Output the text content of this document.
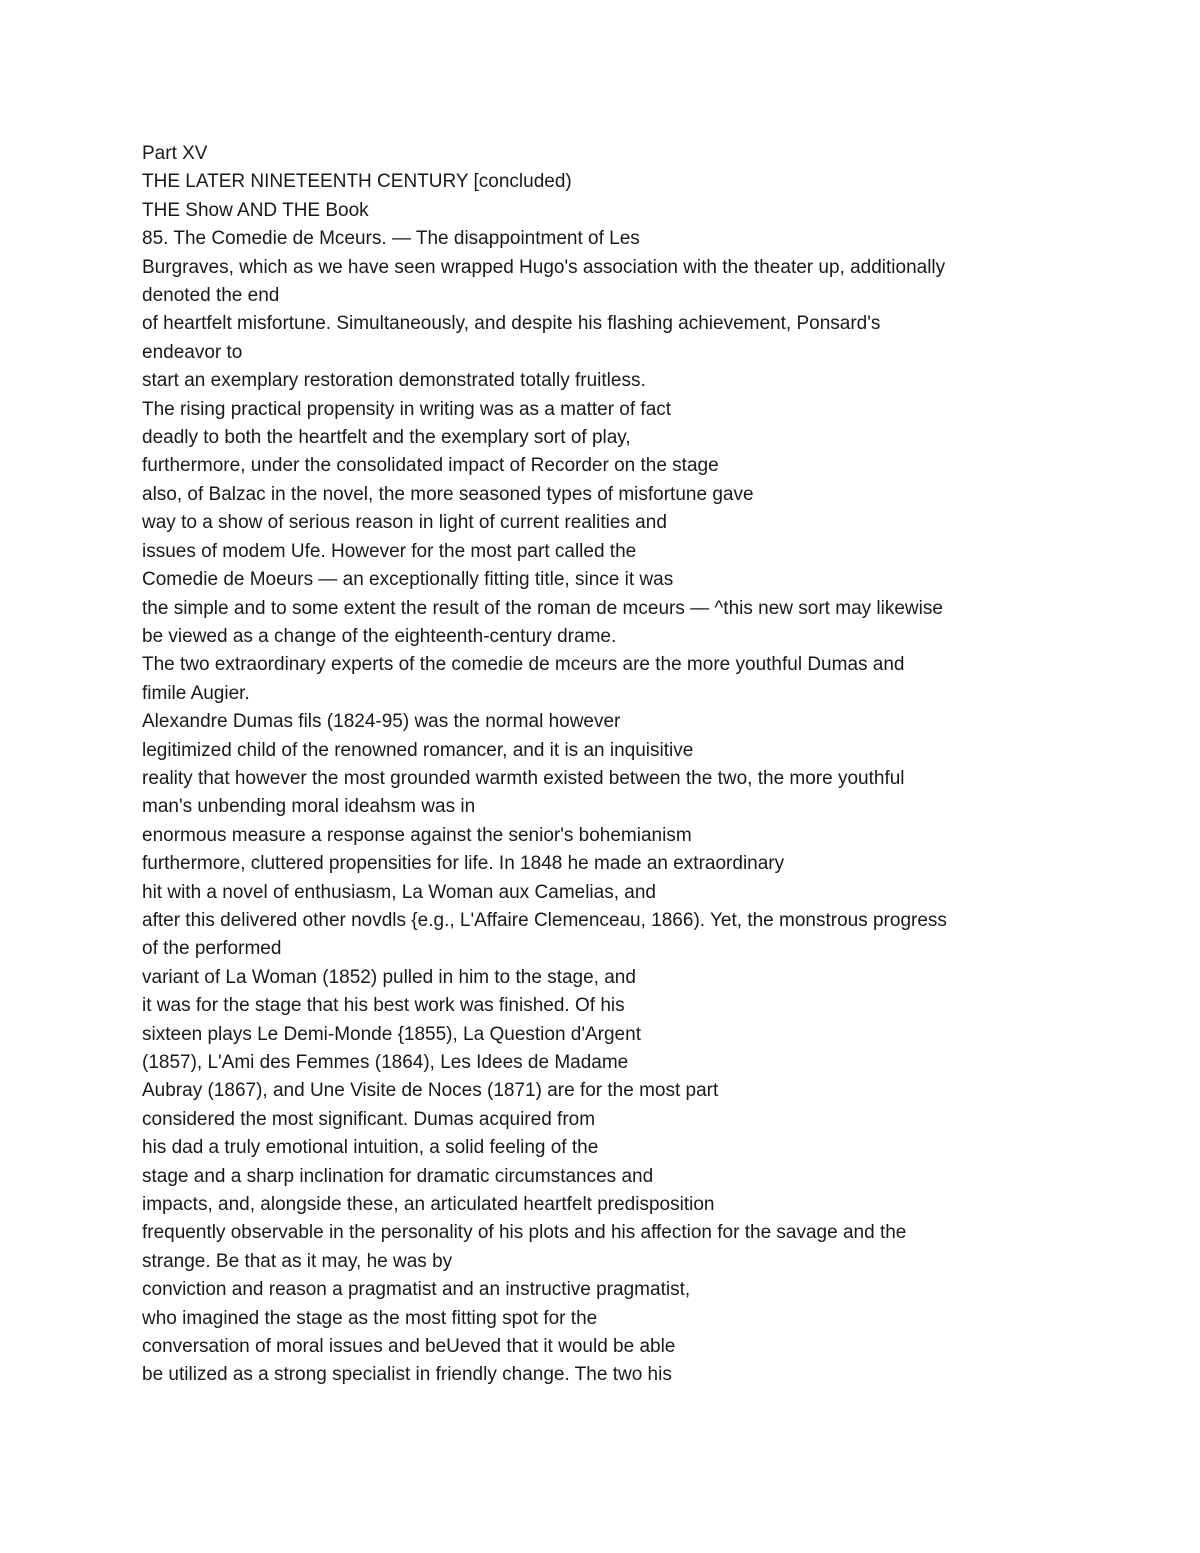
Part XV
THE LATER NINETEENTH CENTURY [concluded)
THE Show AND THE Book
85. The Comedie de Mceurs. — The disappointment of Les
Burgraves, which as we have seen wrapped Hugo's association with the theater up, additionally
denoted the end
of heartfelt misfortune. Simultaneously, and despite his flashing achievement, Ponsard's
endeavor to
start an exemplary restoration demonstrated totally fruitless.
The rising practical propensity in writing was as a matter of fact
deadly to both the heartfelt and the exemplary sort of play,
furthermore, under the consolidated impact of Recorder on the stage
also, of Balzac in the novel, the more seasoned types of misfortune gave
way to a show of serious reason in light of current realities and
issues of modem Ufe. However for the most part called the
Comedie de Moeurs — an exceptionally fitting title, since it was
the simple and to some extent the result of the roman de mceurs — ^this new sort may likewise
be viewed as a change of the eighteenth-century drame.
The two extraordinary experts of the comedie de mceurs are the more youthful Dumas and
fimile Augier.
Alexandre Dumas fils (1824-95) was the normal however
legitimized child of the renowned romancer, and it is an inquisitive
reality that however the most grounded warmth existed between the two, the more youthful
man's unbending moral ideahsm was in
enormous measure a response against the senior's bohemianism
furthermore, cluttered propensities for life. In 1848 he made an extraordinary
hit with a novel of enthusiasm, La Woman aux Camelias, and
after this delivered other novdls {e.g., L'Affaire Clemenceau, 1866). Yet, the monstrous progress
of the performed
variant of La Woman (1852) pulled in him to the stage, and
it was for the stage that his best work was finished. Of his
sixteen plays Le Demi-Monde {1855), La Question d'Argent
(1857), L'Ami des Femmes (1864), Les Idees de Madame
Aubray (1867), and Une Visite de Noces (1871) are for the most part
considered the most significant. Dumas acquired from
his dad a truly emotional intuition, a solid feeling of the
stage and a sharp inclination for dramatic circumstances and
impacts, and, alongside these, an articulated heartfelt predisposition
frequently observable in the personality of his plots and his affection for the savage and the
strange. Be that as it may, he was by
conviction and reason a pragmatist and an instructive pragmatist,
who imagined the stage as the most fitting spot for the
conversation of moral issues and beUeved that it would be able
be utilized as a strong specialist in friendly change. The two his
